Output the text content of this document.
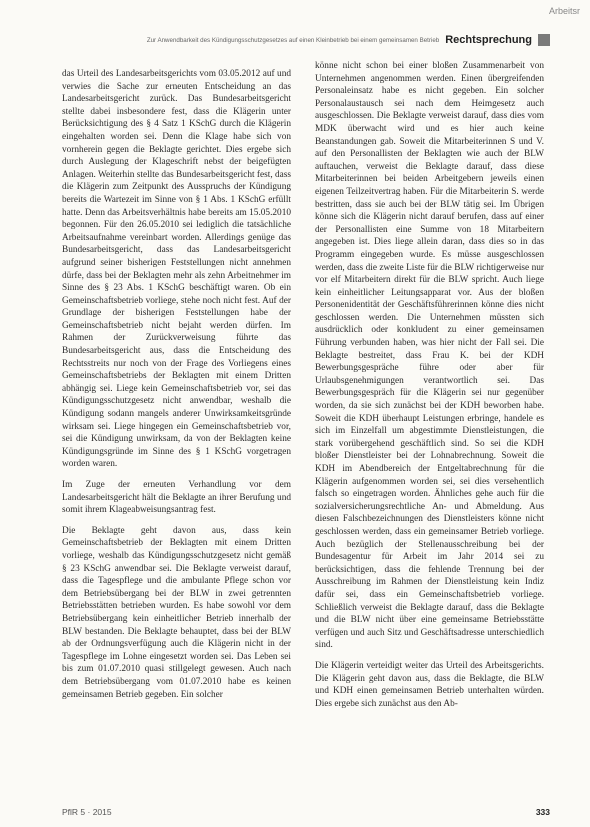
Arbeitsr
Zur Anwendbarkeit des Kündigungsschutzgesetzes auf einen Kleinbetrieb bei einem gemeinsamen Betrieb Rechtsprechung

das Urteil des Landesarbeitsgerichts vom 03.05.2012 auf und verwies die Sache zur erneuten Entscheidung an das Landesarbeitsgericht zurück. Das Bundesarbeitsgericht stellte dabei insbesondere fest, dass die Klägerin unter Berücksichtigung des § 4 Satz 1 KSchG durch die Klägerin eingehalten worden sei. Denn die Klage habe sich von vornherein gegen die Beklagte gerichtet. Dies ergebe sich durch Auslegung der Klageschrift nebst der beigefügten Anlagen. Weiterhin stellte das Bundesarbeitsgericht fest, dass die Klägerin zum Zeitpunkt des Ausspruchs der Kündigung bereits die Wartezeit im Sinne von § 1 Abs. 1 KSchG erfüllt hatte. Denn das Arbeitsverhältnis habe bereits am 15.05.2010 begonnen. Für den 26.05.2010 sei lediglich die tatsächliche Arbeitsaufnahme vereinbart worden. Allerdings genüge das Bundesarbeitsgericht, dass das Landesarbeitsgericht aufgrund seiner bisherigen Feststellungen nicht annehmen dürfe, dass bei der Beklagten mehr als zehn Arbeitnehmer im Sinne des § 23 Abs. 1 KSchG beschäftigt waren. Ob ein Gemeinschaftsbetrieb vorliege, stehe noch nicht fest. Auf der Grundlage der bisherigen Feststellungen habe der Gemeinschaftsbetrieb nicht bejaht werden dürfen. Im Rahmen der Zurückverweisung führte das Bundesarbeitsgericht aus, dass die Entscheidung des Rechtsstreits nur noch von der Frage des Vorliegens eines Gemeinschaftsbetriebs der Beklagten mit einem Dritten abhängig sei. Liege kein Gemeinschaftsbetrieb vor, sei das Kündigungsschutzgesetz nicht anwendbar, weshalb die Kündigung sodann mangels anderer Unwirksamkeitsgründe wirksam sei. Liege hingegen ein Gemeinschaftsbetrieb vor, sei die Kündigung unwirksam, da von der Beklagten keine Kündigungsgründe im Sinne des § 1 KSchG vorgetragen worden waren.

Im Zuge der erneuten Verhandlung vor dem Landesarbeitsgericht hält die Beklagte an ihrer Berufung und somit ihrem Klageabweisungsantrag fest.

Die Beklagte geht davon aus, dass kein Gemeinschaftsbetrieb der Beklagten mit einem Dritten vorliege, weshalb das Kündigungsschutzgesetz nicht gemäß § 23 KSchG anwendbar sei. Die Beklagte verweist darauf, dass die Tagespflege und die ambulante Pflege schon vor dem Betriebsübergang bei der BLW in zwei getrennten Betriebsstätten betrieben wurden. Es habe sowohl vor dem Betriebsübergang kein einheitlicher Betrieb innerhalb der BLW bestanden. Die Beklagte behauptet, dass bei der BLW ab der Ordnungsverfügung auch die Klägerin nicht in der Tagespflege im Lohne eingesetzt worden sei. Das Leben sei bis zum 01.07.2010 quasi stillgelegt gewesen. Auch nach dem Betriebsübergang vom 01.07.2010 habe es keinen gemeinsamen Betrieb gegeben. Ein solcher

könne nicht schon bei einer bloßen Zusammenarbeit von Unternehmen angenommen werden. Einen übergreifenden Personaleinsatz habe es nicht gegeben. Ein solcher Personalaustausch sei nach dem Heimgesetz auch ausgeschlossen. Die Beklagte verweist darauf, dass dies vom MDK überwacht wird und es hier auch keine Beanstandungen gab. Soweit die Mitarbeiterinnen S und V. auf den Personallisten der Beklagten wie auch der BLW auftauchen, verweist die Beklagte darauf, dass diese Mitarbeiterinnen bei beiden Arbeitgebern jeweils einen eigenen Teilzeitvertrag haben. Für die Mitarbeiterin S. werde bestritten, dass sie auch bei der BLW tätig sei. Im Übrigen könne sich die Klägerin nicht darauf berufen, dass auf einer der Personallisten eine Summe von 18 Mitarbeitern angegeben ist. Dies liege allein daran, dass dies so in das Programm eingegeben wurde. Es müsse ausgeschlossen werden, dass die zweite Liste für die BLW richtigerweise nur vor elf Mitarbeitern direkt für die BLW spricht. Auch liege kein einheitlicher Leitungsapparat vor. Aus der bloßen Personenidentität der Geschäftsführerinnen könne dies nicht geschlossen werden. Die Unternehmen müssten sich ausdrücklich oder konkludent zu einer gemeinsamen Führung verbunden haben, was hier nicht der Fall sei. Die Beklagte bestreitet, dass Frau K. bei der KDH Bewerbungsgespräche führe oder aber für Urlaubsgenehmigungen verantwortlich sei. Das Bewerbungsgespräch für die Klägerin sei nur gegenüber worden, da sie sich zunächst bei der KDH beworben habe. Soweit die KDH überhaupt Leistungen erbringe, handele es sich im Einzelfall um abgestimmte Dienstleistungen, die stark vorübergehend geschäftlich sind. So sei die KDH bloßer Dienstleister bei der Lohnabrechnung. Soweit die KDH im Abendbereich der Entgeltabrechnung für die Klägerin aufgenommen worden sei, sei dies versehentlich falsch so eingetragen worden. Ähnliches gehe auch für die sozialversicherungsrechtliche An- und Abmeldung. Aus diesen Falschbezeichnungen des Dienstleisters könne nicht geschlossen werden, dass ein gemeinsamer Betrieb vorliege. Auch bezüglich der Stellenausschreibung bei der Bundesagentur für Arbeit im Jahr 2014 sei zu berücksichtigen, dass die fehlende Trennung bei der Ausschreibung im Rahmen der Dienstleistung kein Indiz dafür sei, dass ein Gemeinschaftsbetrieb vorliege. Schließlich verweist die Beklagte darauf, dass die Beklagte und die BLW nicht über eine gemeinsame Betriebsstätte verfügen und auch Sitz und Geschäftsadresse unterschiedlich sind.

Die Klägerin verteidigt weiter das Urteil des Arbeitsgerichts. Die Klägerin geht davon aus, dass die Beklagte, die BLW und KDH einen gemeinsamen Betrieb unterhalten würden. Dies ergebe sich zunächst aus den Ab-

PflR 5 · 2015	333
